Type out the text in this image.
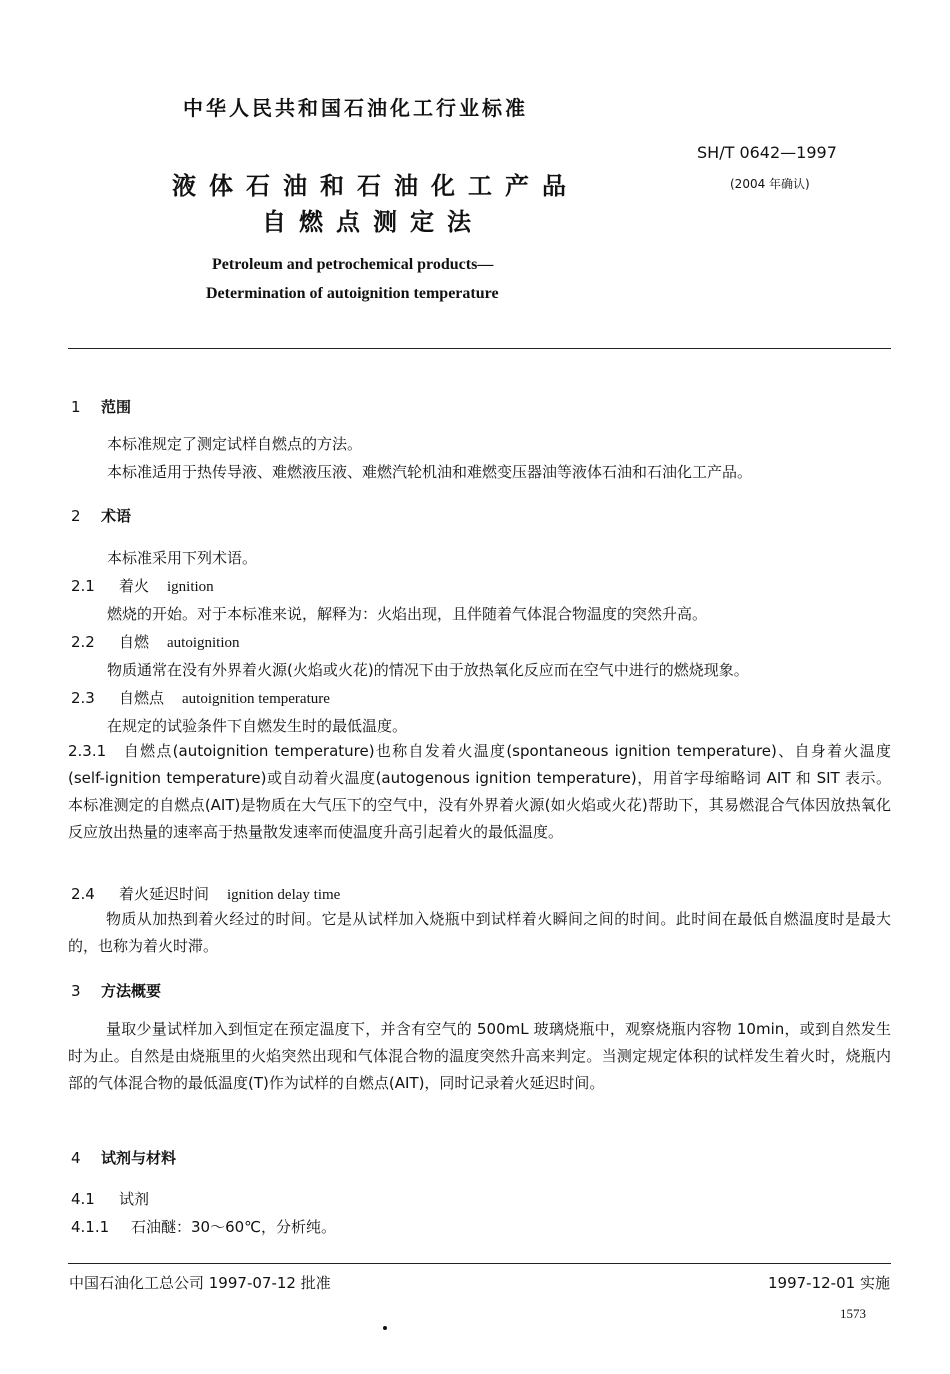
中华人民共和国石油化工行业标准
SH/T 0642—1997
(2004 年确认)
液体石油和石油化工产品
自燃点测定法
Petroleum and petrochemical products—
Determination of autoignition temperature
1 范围
本标准规定了测定试样自燃点的方法。
本标准适用于热传导液、难燃液压液、难燃汽轮机油和难燃变压器油等液体石油和石油化工产品。
2 术语
本标准采用下列术语。
2.1 着火 ignition
燃烧的开始。对于本标准来说，解释为：火焰出现，且伴随着气体混合物温度的突然升高。
2.2 自燃 autoignition
物质通常在没有外界着火源(火焰或火花)的情况下由于放热氧化反应而在空气中进行的燃烧现象。
2.3 自燃点 autoignition temperature
在规定的试验条件下自燃发生时的最低温度。

2.3.1　自燃点(autoignition temperature)也称自发着火温度(spontaneous ignition temperature)、自身着火温度(self-ignition temperature)或自动着火温度(autogenous ignition temperature)，用首字母缩略词 AIT 和 SIT 表示。本标准测定的自燃点(AIT)是物质在大气压下的空气中，没有外界着火源(如火焰或火花)帮助下，其易燃混合气体因放热氧化反应放出热量的速率高于热量散发速率而使温度升高引起着火的最低温度。

2.4 着火延迟时间 ignition delay time

物质从加热到着火经过的时间。它是从试样加入烧瓶中到试样着火瞬间之间的时间。此时间在最低自燃温度时是最大的，也称为着火时滞。

3 方法概要

量取少量试样加入到恒定在预定温度下，并含有空气的 500mL 玻璃烧瓶中，观察烧瓶内容物 10min，或到自然发生时为止。自然是由烧瓶里的火焰突然出现和气体混合物的温度突然升高来判定。当测定规定体积的试样发生着火时，烧瓶内部的气体混合物的最低温度(T)作为试样的自燃点(AIT)，同时记录着火延迟时间。

4 试剂与材料
4.1 试剂
4.1.1 石油醚：30～60℃，分析纯。
中国石油化工总公司 1997-07-12 批准	1997-12-01 实施
1573
